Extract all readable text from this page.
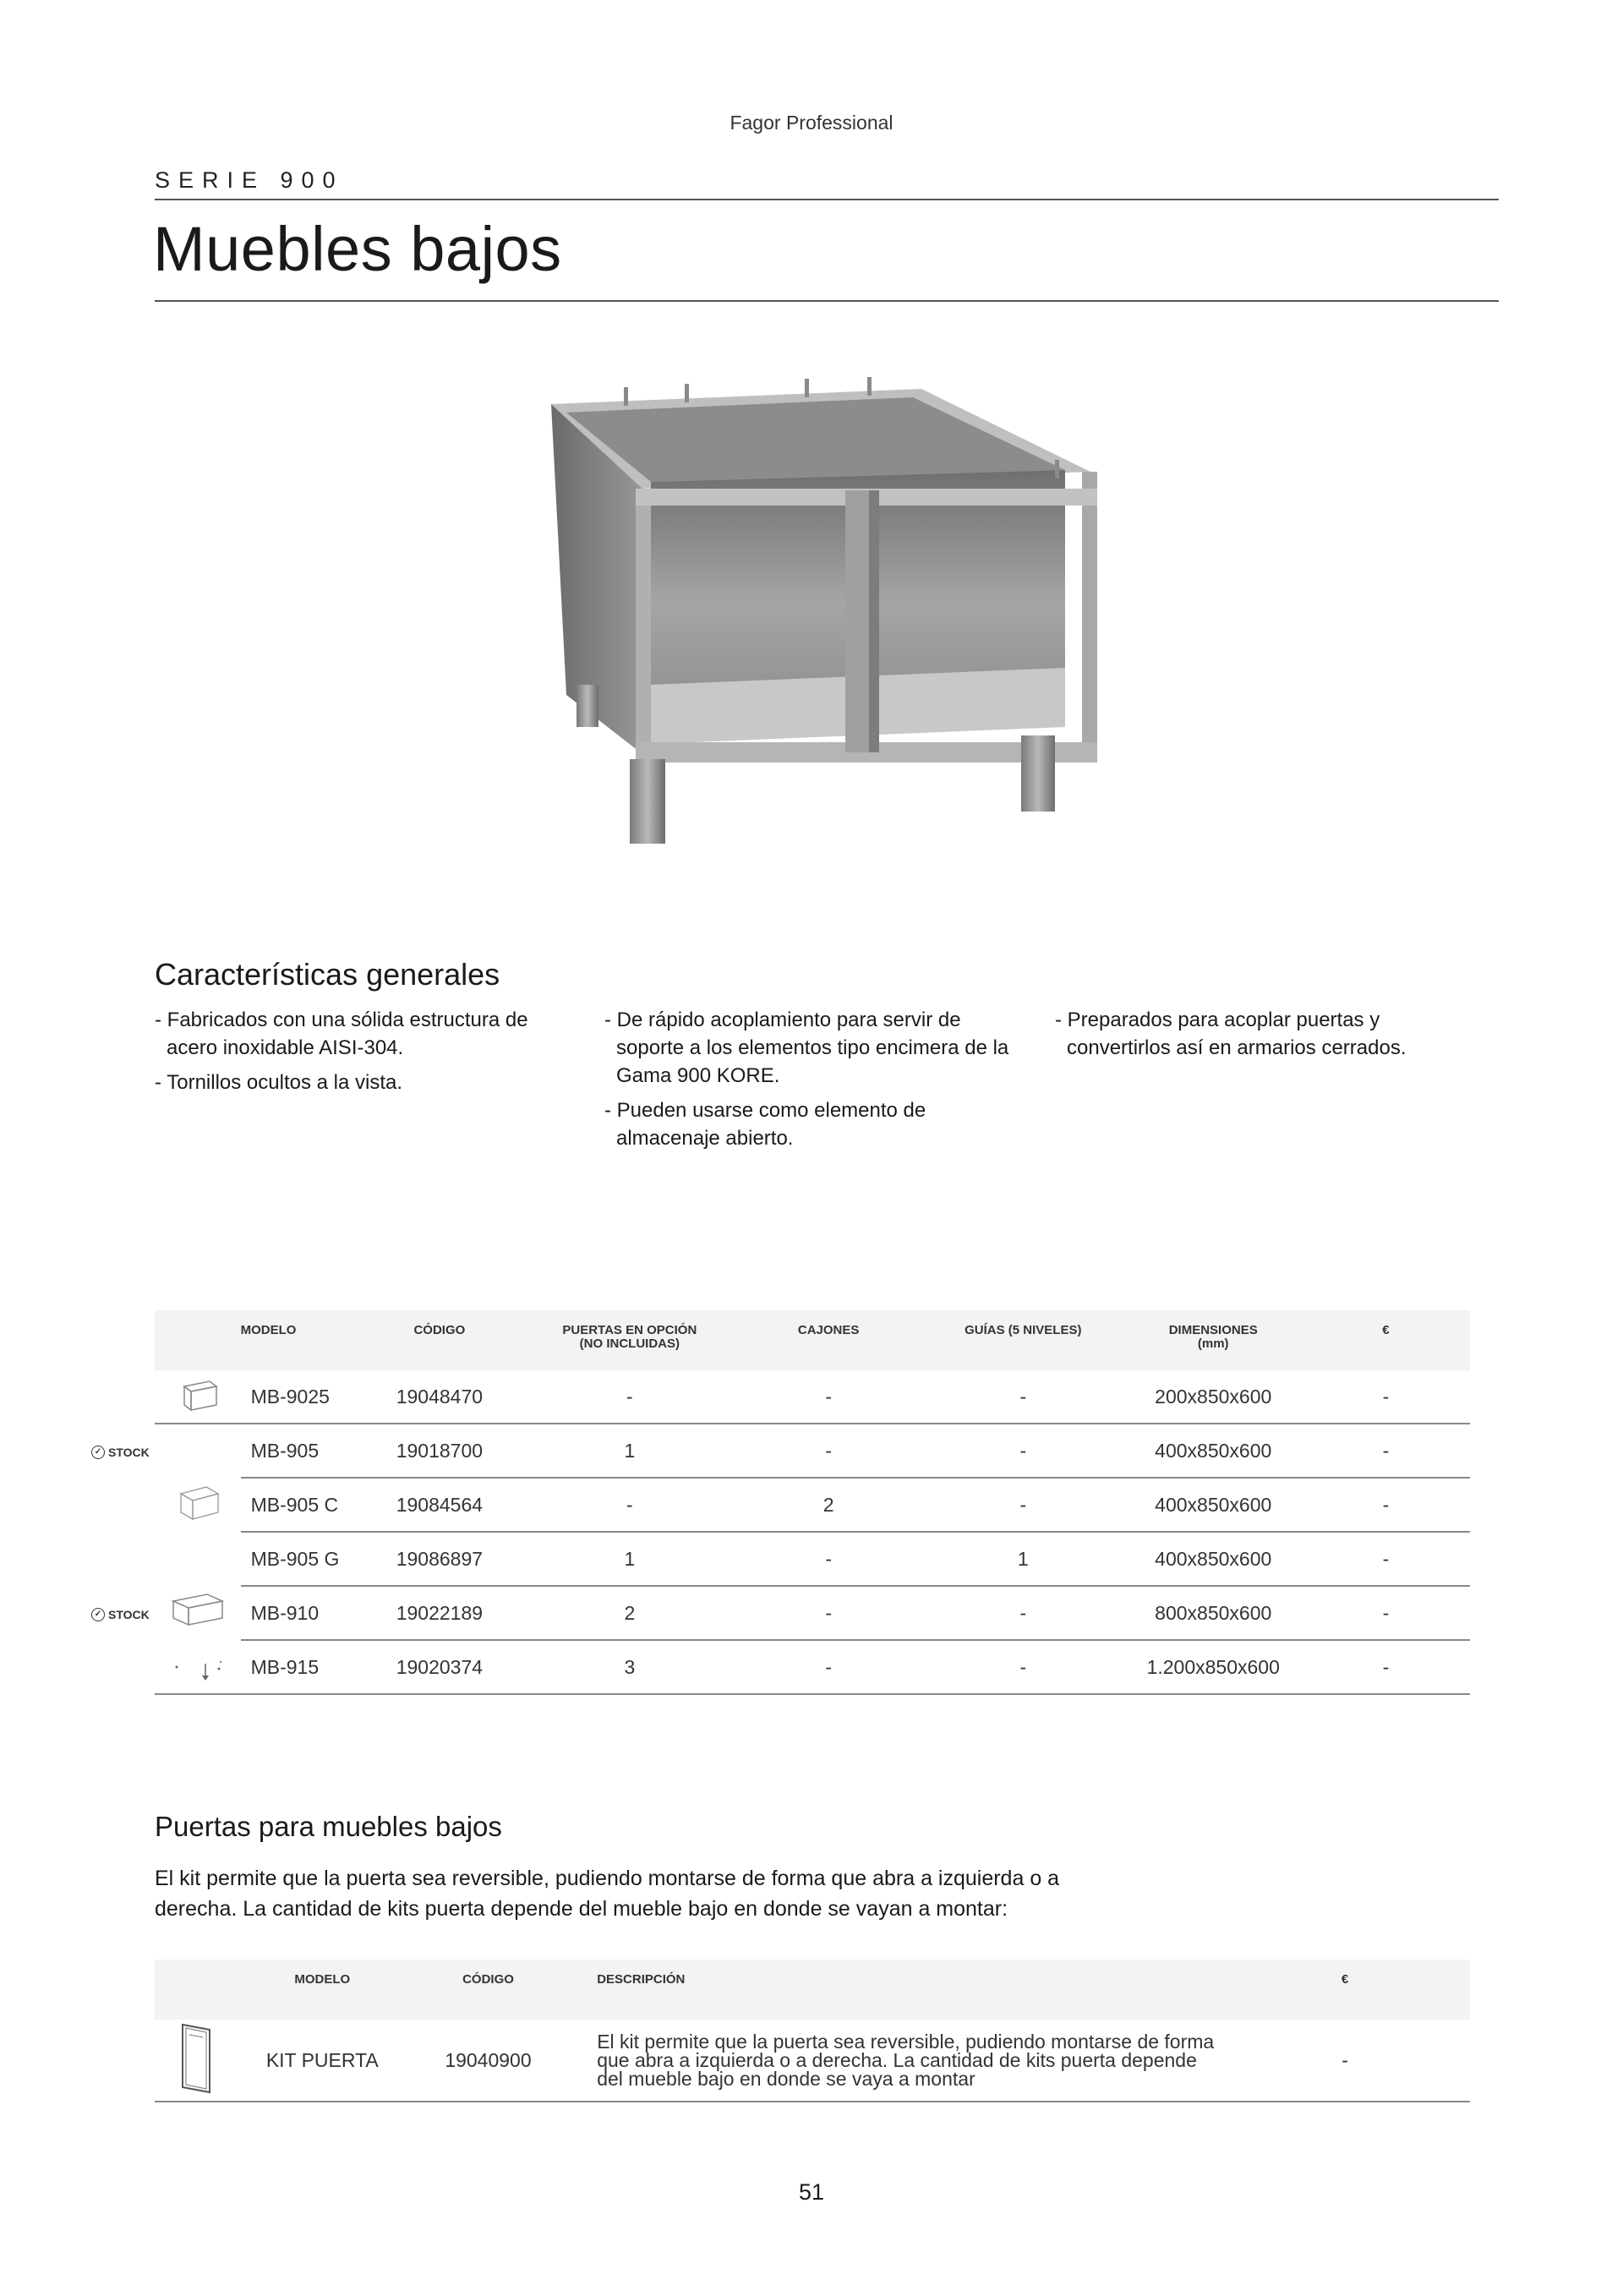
Fagor Professional
SERIE 900
Muebles bajos
Características generales
- Fabricados con una sólida estructura de acero inoxidable AISI-304.
- Tornillos ocultos a la vista.
- De rápido acoplamiento para servir de soporte a los elementos tipo encimera de la Gama 900 KORE.
- Pueden usarse como elemento de almacenaje abierto.
- Preparados para acoplar puertas y convertirlos así en armarios cerrados.
✓ STOCK
✓ STOCK
	MODELO	CÓDIGO	PUERTAS EN OPCIÓN
(NO INCLUIDAS)	CAJONES	GUÍAS (5 NIVELES)	DIMENSIONES
(mm)	€
	MB-9025	19048470	-	-	-	200x850x600	-
	MB-905	19018700	1	-	-	400x850x600	-
	MB-905 C	19084564	-	2	-	400x850x600	-
	MB-905 G	19086897	1	-	1	400x850x600	-
	MB-910	19022189	2	-	-	800x850x600	-
	MB-915	19020374	3	-	-	1.200x850x600	-
Puertas para muebles bajos
El kit permite que la puerta sea reversible, pudiendo montarse de forma que abra a izquierda o a derecha. La cantidad de kits puerta depende del mueble bajo en donde se vayan a montar:
	MODELO	CÓDIGO	DESCRIPCIÓN	€
	KIT PUERTA	19040900	El kit permite que la puerta sea reversible, pudiendo montarse de forma que abra a izquierda o a derecha. La cantidad de kits puerta depende del mueble bajo en donde se vaya a montar	-
51
